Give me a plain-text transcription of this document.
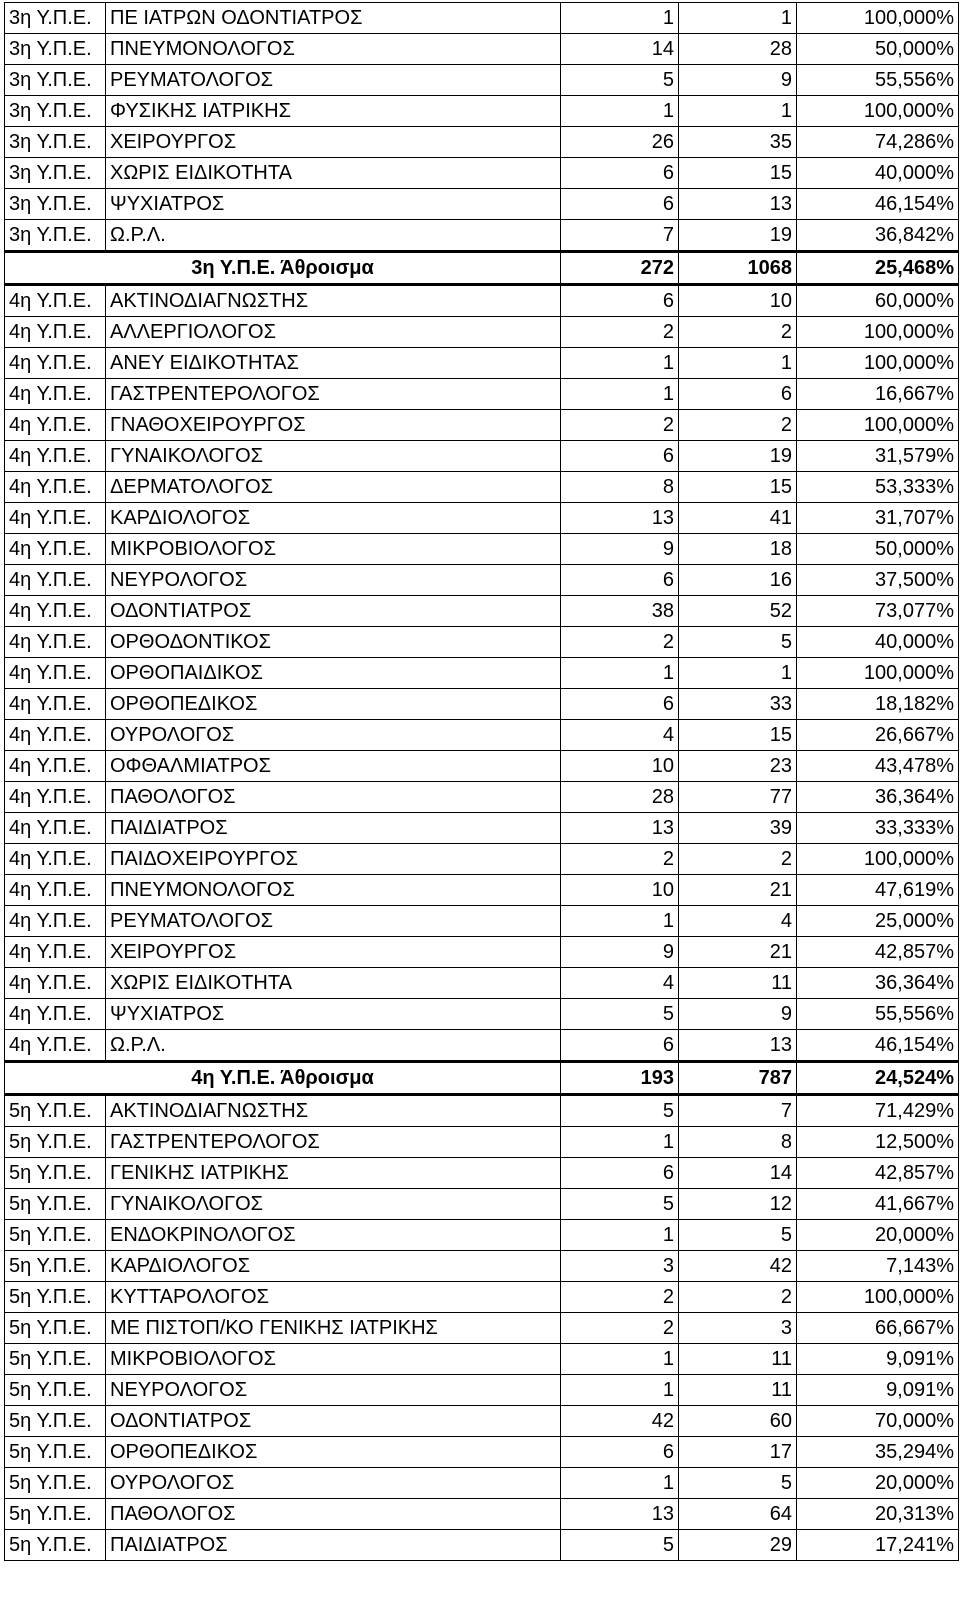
3η Υ.Π.Ε.	ΠΕ ΙΑΤΡΩΝ ΟΔΟΝΤΙΑΤΡΟΣ	1	1	100,000%
3η Υ.Π.Ε.	ΠΝΕΥΜΟΝΟΛΟΓΟΣ	14	28	50,000%
3η Υ.Π.Ε.	ΡΕΥΜΑΤΟΛΟΓΟΣ	5	9	55,556%
3η Υ.Π.Ε.	ΦΥΣΙΚΗΣ ΙΑΤΡΙΚΗΣ	1	1	100,000%
3η Υ.Π.Ε.	ΧΕΙΡΟΥΡΓΟΣ	26	35	74,286%
3η Υ.Π.Ε.	ΧΩΡΙΣ ΕΙΔΙΚΟΤΗΤΑ	6	15	40,000%
3η Υ.Π.Ε.	ΨΥΧΙΑΤΡΟΣ	6	13	46,154%
3η Υ.Π.Ε.	Ω.Ρ.Λ.	7	19	36,842%
3η Υ.Π.Ε. Άθροισμα		272	1068	25,468%
4η Υ.Π.Ε.	ΑΚΤΙΝΟΔΙΑΓΝΩΣΤΗΣ	6	10	60,000%
4η Υ.Π.Ε.	ΑΛΛΕΡΓΙΟΛΟΓΟΣ	2	2	100,000%
4η Υ.Π.Ε.	ΑΝΕΥ ΕΙΔΙΚΟΤΗΤΑΣ	1	1	100,000%
4η Υ.Π.Ε.	ΓΑΣΤΡΕΝΤΕΡΟΛΟΓΟΣ	1	6	16,667%
4η Υ.Π.Ε.	ΓΝΑΘΟΧΕΙΡΟΥΡΓΟΣ	2	2	100,000%
4η Υ.Π.Ε.	ΓΥΝΑΙΚΟΛΟΓΟΣ	6	19	31,579%
4η Υ.Π.Ε.	ΔΕΡΜΑΤΟΛΟΓΟΣ	8	15	53,333%
4η Υ.Π.Ε.	ΚΑΡΔΙΟΛΟΓΟΣ	13	41	31,707%
4η Υ.Π.Ε.	ΜΙΚΡΟΒΙΟΛΟΓΟΣ	9	18	50,000%
4η Υ.Π.Ε.	ΝΕΥΡΟΛΟΓΟΣ	6	16	37,500%
4η Υ.Π.Ε.	ΟΔΟΝΤΙΑΤΡΟΣ	38	52	73,077%
4η Υ.Π.Ε.	ΟΡΘΟΔΟΝΤΙΚΟΣ	2	5	40,000%
4η Υ.Π.Ε.	ΟΡΘΟΠΑΙΔΙΚΟΣ	1	1	100,000%
4η Υ.Π.Ε.	ΟΡΘΟΠΕΔΙΚΟΣ	6	33	18,182%
4η Υ.Π.Ε.	ΟΥΡΟΛΟΓΟΣ	4	15	26,667%
4η Υ.Π.Ε.	ΟΦΘΑΛΜΙΑΤΡΟΣ	10	23	43,478%
4η Υ.Π.Ε.	ΠΑΘΟΛΟΓΟΣ	28	77	36,364%
4η Υ.Π.Ε.	ΠΑΙΔΙΑΤΡΟΣ	13	39	33,333%
4η Υ.Π.Ε.	ΠΑΙΔΟΧΕΙΡΟΥΡΓΟΣ	2	2	100,000%
4η Υ.Π.Ε.	ΠΝΕΥΜΟΝΟΛΟΓΟΣ	10	21	47,619%
4η Υ.Π.Ε.	ΡΕΥΜΑΤΟΛΟΓΟΣ	1	4	25,000%
4η Υ.Π.Ε.	ΧΕΙΡΟΥΡΓΟΣ	9	21	42,857%
4η Υ.Π.Ε.	ΧΩΡΙΣ ΕΙΔΙΚΟΤΗΤΑ	4	11	36,364%
4η Υ.Π.Ε.	ΨΥΧΙΑΤΡΟΣ	5	9	55,556%
4η Υ.Π.Ε.	Ω.Ρ.Λ.	6	13	46,154%
4η Υ.Π.Ε. Άθροισμα		193	787	24,524%
5η Υ.Π.Ε.	ΑΚΤΙΝΟΔΙΑΓΝΩΣΤΗΣ	5	7	71,429%
5η Υ.Π.Ε.	ΓΑΣΤΡΕΝΤΕΡΟΛΟΓΟΣ	1	8	12,500%
5η Υ.Π.Ε.	ΓΕΝΙΚΗΣ ΙΑΤΡΙΚΗΣ	6	14	42,857%
5η Υ.Π.Ε.	ΓΥΝΑΙΚΟΛΟΓΟΣ	5	12	41,667%
5η Υ.Π.Ε.	ΕΝΔΟΚΡΙΝΟΛΟΓΟΣ	1	5	20,000%
5η Υ.Π.Ε.	ΚΑΡΔΙΟΛΟΓΟΣ	3	42	7,143%
5η Υ.Π.Ε.	ΚΥΤΤΑΡΟΛΟΓΟΣ	2	2	100,000%
5η Υ.Π.Ε.	ΜΕ ΠΙΣΤΟΠ/ΚΟ ΓΕΝΙΚΗΣ ΙΑΤΡΙΚΗΣ	2	3	66,667%
5η Υ.Π.Ε.	ΜΙΚΡΟΒΙΟΛΟΓΟΣ	1	11	9,091%
5η Υ.Π.Ε.	ΝΕΥΡΟΛΟΓΟΣ	1	11	9,091%
5η Υ.Π.Ε.	ΟΔΟΝΤΙΑΤΡΟΣ	42	60	70,000%
5η Υ.Π.Ε.	ΟΡΘΟΠΕΔΙΚΟΣ	6	17	35,294%
5η Υ.Π.Ε.	ΟΥΡΟΛΟΓΟΣ	1	5	20,000%
5η Υ.Π.Ε.	ΠΑΘΟΛΟΓΟΣ	13	64	20,313%
5η Υ.Π.Ε.	ΠΑΙΔΙΑΤΡΟΣ	5	29	17,241%
